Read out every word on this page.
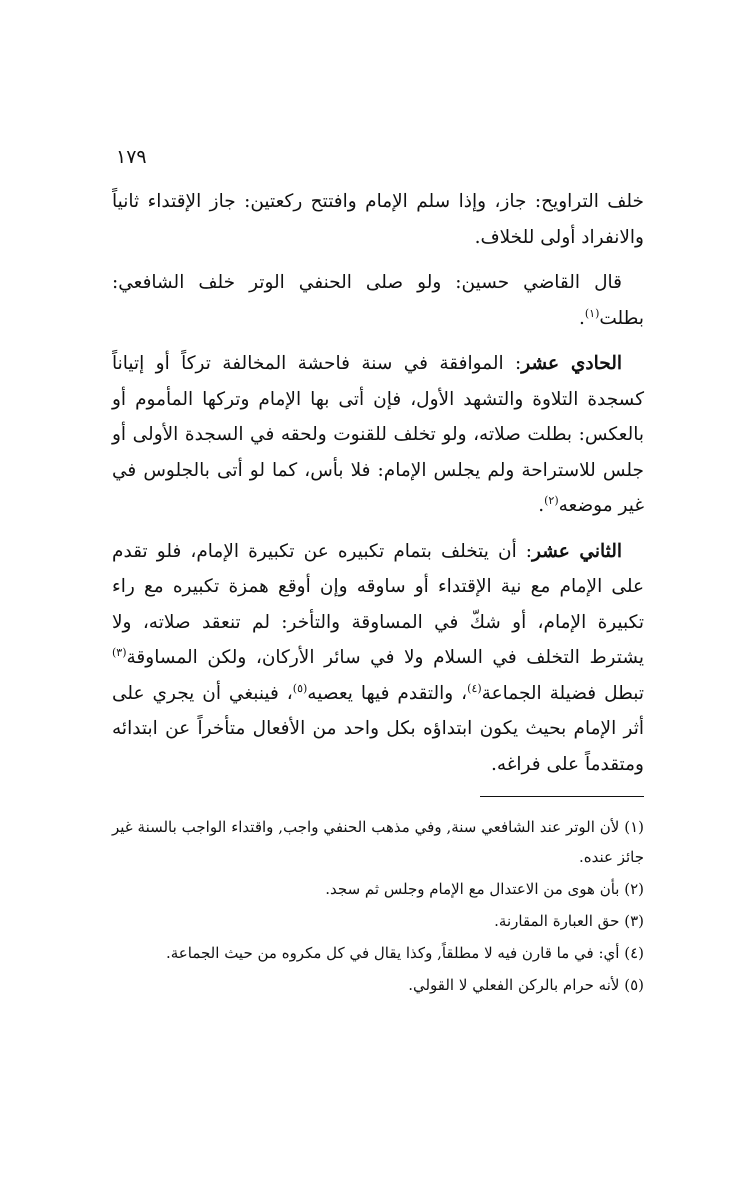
١٧٩

خلف التراويح: جاز، وإذا سلم الإمام وافتتح ركعتين: جاز الإقتداء ثانياً والانفراد أولى للخلاف.

قال القاضي حسين: ولو صلى الحنفي الوتر خلف الشافعي: بطلت$^{(١)}$.

الحادي عشر: الموافقة في سنة فاحشة المخالفة تركاً أو إتياناً كسجدة التلاوة والتشهد الأول، فإن أتى بها الإمام وتركها المأموم أو بالعكس: بطلت صلاته، ولو تخلف للقنوت ولحقه في السجدة الأولى أو جلس للاستراحة ولم يجلس الإمام: فلا بأس، كما لو أتى بالجلوس في غير موضعه$^{(٢)}$.

الثاني عشر: أن يتخلف بتمام تكبيره عن تكبيرة الإمام، فلو تقدم على الإمام مع نية الإقتداء أو ساوقه وإن أوقع همزة تكبيره مع راء تكبيرة الإمام، أو شكّ في المساوقة والتأخر: لم تنعقد صلاته، ولا يشترط التخلف في السلام ولا في سائر الأركان، ولكن المساوقة$^{(٣)}$ تبطل فضيلة الجماعة$^{(٤)}$، والتقدم فيها يعصيه$^{(٥)}$، فينبغي أن يجري على أثر الإمام بحيث يكون ابتداؤه بكل واحد من الأفعال متأخراً عن ابتدائه ومتقدماً على فراغه.

(١) لأن الوتر عند الشافعي سنة, وفي مذهب الحنفي واجب, واقتداء الواجب بالسنة غير جائز عنده.

(٢) بأن هوى من الاعتدال مع الإمام وجلس ثم سجد.

(٣) حق العبارة المقارنة.

(٤) أي: في ما قارن فيه لا مطلقاً, وكذا يقال في كل مكروه من حيث الجماعة.

(٥) لأنه حرام بالركن الفعلي لا القولي.
